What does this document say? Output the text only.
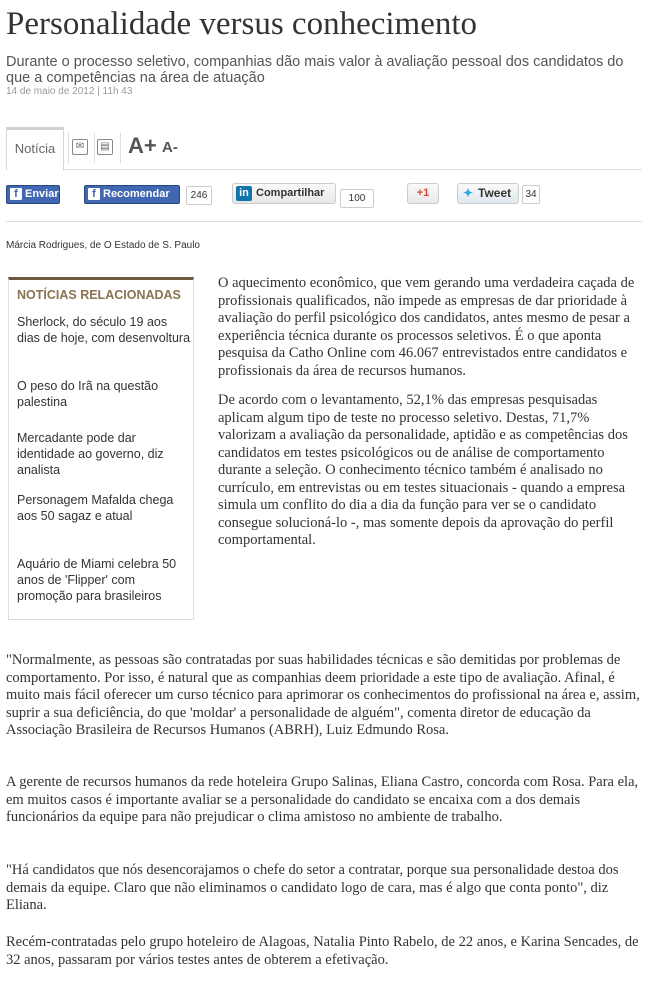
Personalidade versus conhecimento
Durante o processo seletivo, companhias dão mais valor à avaliação pessoal dos candidatos do que a competências na área de atuação
14 de maio de 2012 | 11h 43
Notícia	✉	▤ A+ A-
f Enviar	f Recomendar	246	in Compartilhar	100	+1	✦ Tweet	34
Márcia Rodrigues, de O Estado de S. Paulo
NOTÍCIAS RELACIONADAS
Sherlock, do século 19 aos dias de hoje, com desenvoltura
O peso do Irã na questão palestina
Mercadante pode dar identidade ao governo, diz analista
Personagem Mafalda chega aos 50 sagaz e atual
Aquário de Miami celebra 50 anos de 'Flipper' com promoção para brasileiros

O aquecimento econômico, que vem gerando uma verdadeira caçada de profissionais qualificados, não impede as empresas de dar prioridade à avaliação do perfil psicológico dos candidatos, antes mesmo de pesar a experiência técnica durante os processos seletivos. É o que aponta pesquisa da Catho Online com 46.067 entrevistados entre candidatos e profissionais da área de recursos humanos.

De acordo com o levantamento, 52,1% das empresas pesquisadas aplicam algum tipo de teste no processo seletivo. Destas, 71,7% valorizam a avaliação da personalidade, aptidão e as competências dos candidatos em testes psicológicos ou de análise de comportamento durante a seleção. O conhecimento técnico também é analisado no currículo, em entrevistas ou em testes situacionais - quando a empresa simula um conflito do dia a dia da função para ver se o candidato consegue solucioná-lo -, mas somente depois da aprovação do perfil comportamental.

"Normalmente, as pessoas são contratadas por suas habilidades técnicas e são demitidas por problemas de comportamento. Por isso, é natural que as companhias deem prioridade a este tipo de avaliação. Afinal, é muito mais fácil oferecer um curso técnico para aprimorar os conhecimentos do profissional na área e, assim, suprir a sua deficiência, do que 'moldar' a personalidade de alguém", comenta diretor de educação da Associação Brasileira de Recursos Humanos (ABRH), Luiz Edmundo Rosa.
A gerente de recursos humanos da rede hoteleira Grupo Salinas, Eliana Castro, concorda com Rosa. Para ela, em muitos casos é importante avaliar se a personalidade do candidato se encaixa com a dos demais funcionários da equipe para não prejudicar o clima amistoso no ambiente de trabalho.
"Há candidatos que nós desencorajamos o chefe do setor a contratar, porque sua personalidade destoa dos demais da equipe. Claro que não eliminamos o candidato logo de cara, mas é algo que conta ponto", diz Eliana.
Recém-contratadas pelo grupo hoteleiro de Alagoas, Natalia Pinto Rabelo, de 22 anos, e Karina Sencades, de 32 anos, passaram por vários testes antes de obterem a efetivação.
